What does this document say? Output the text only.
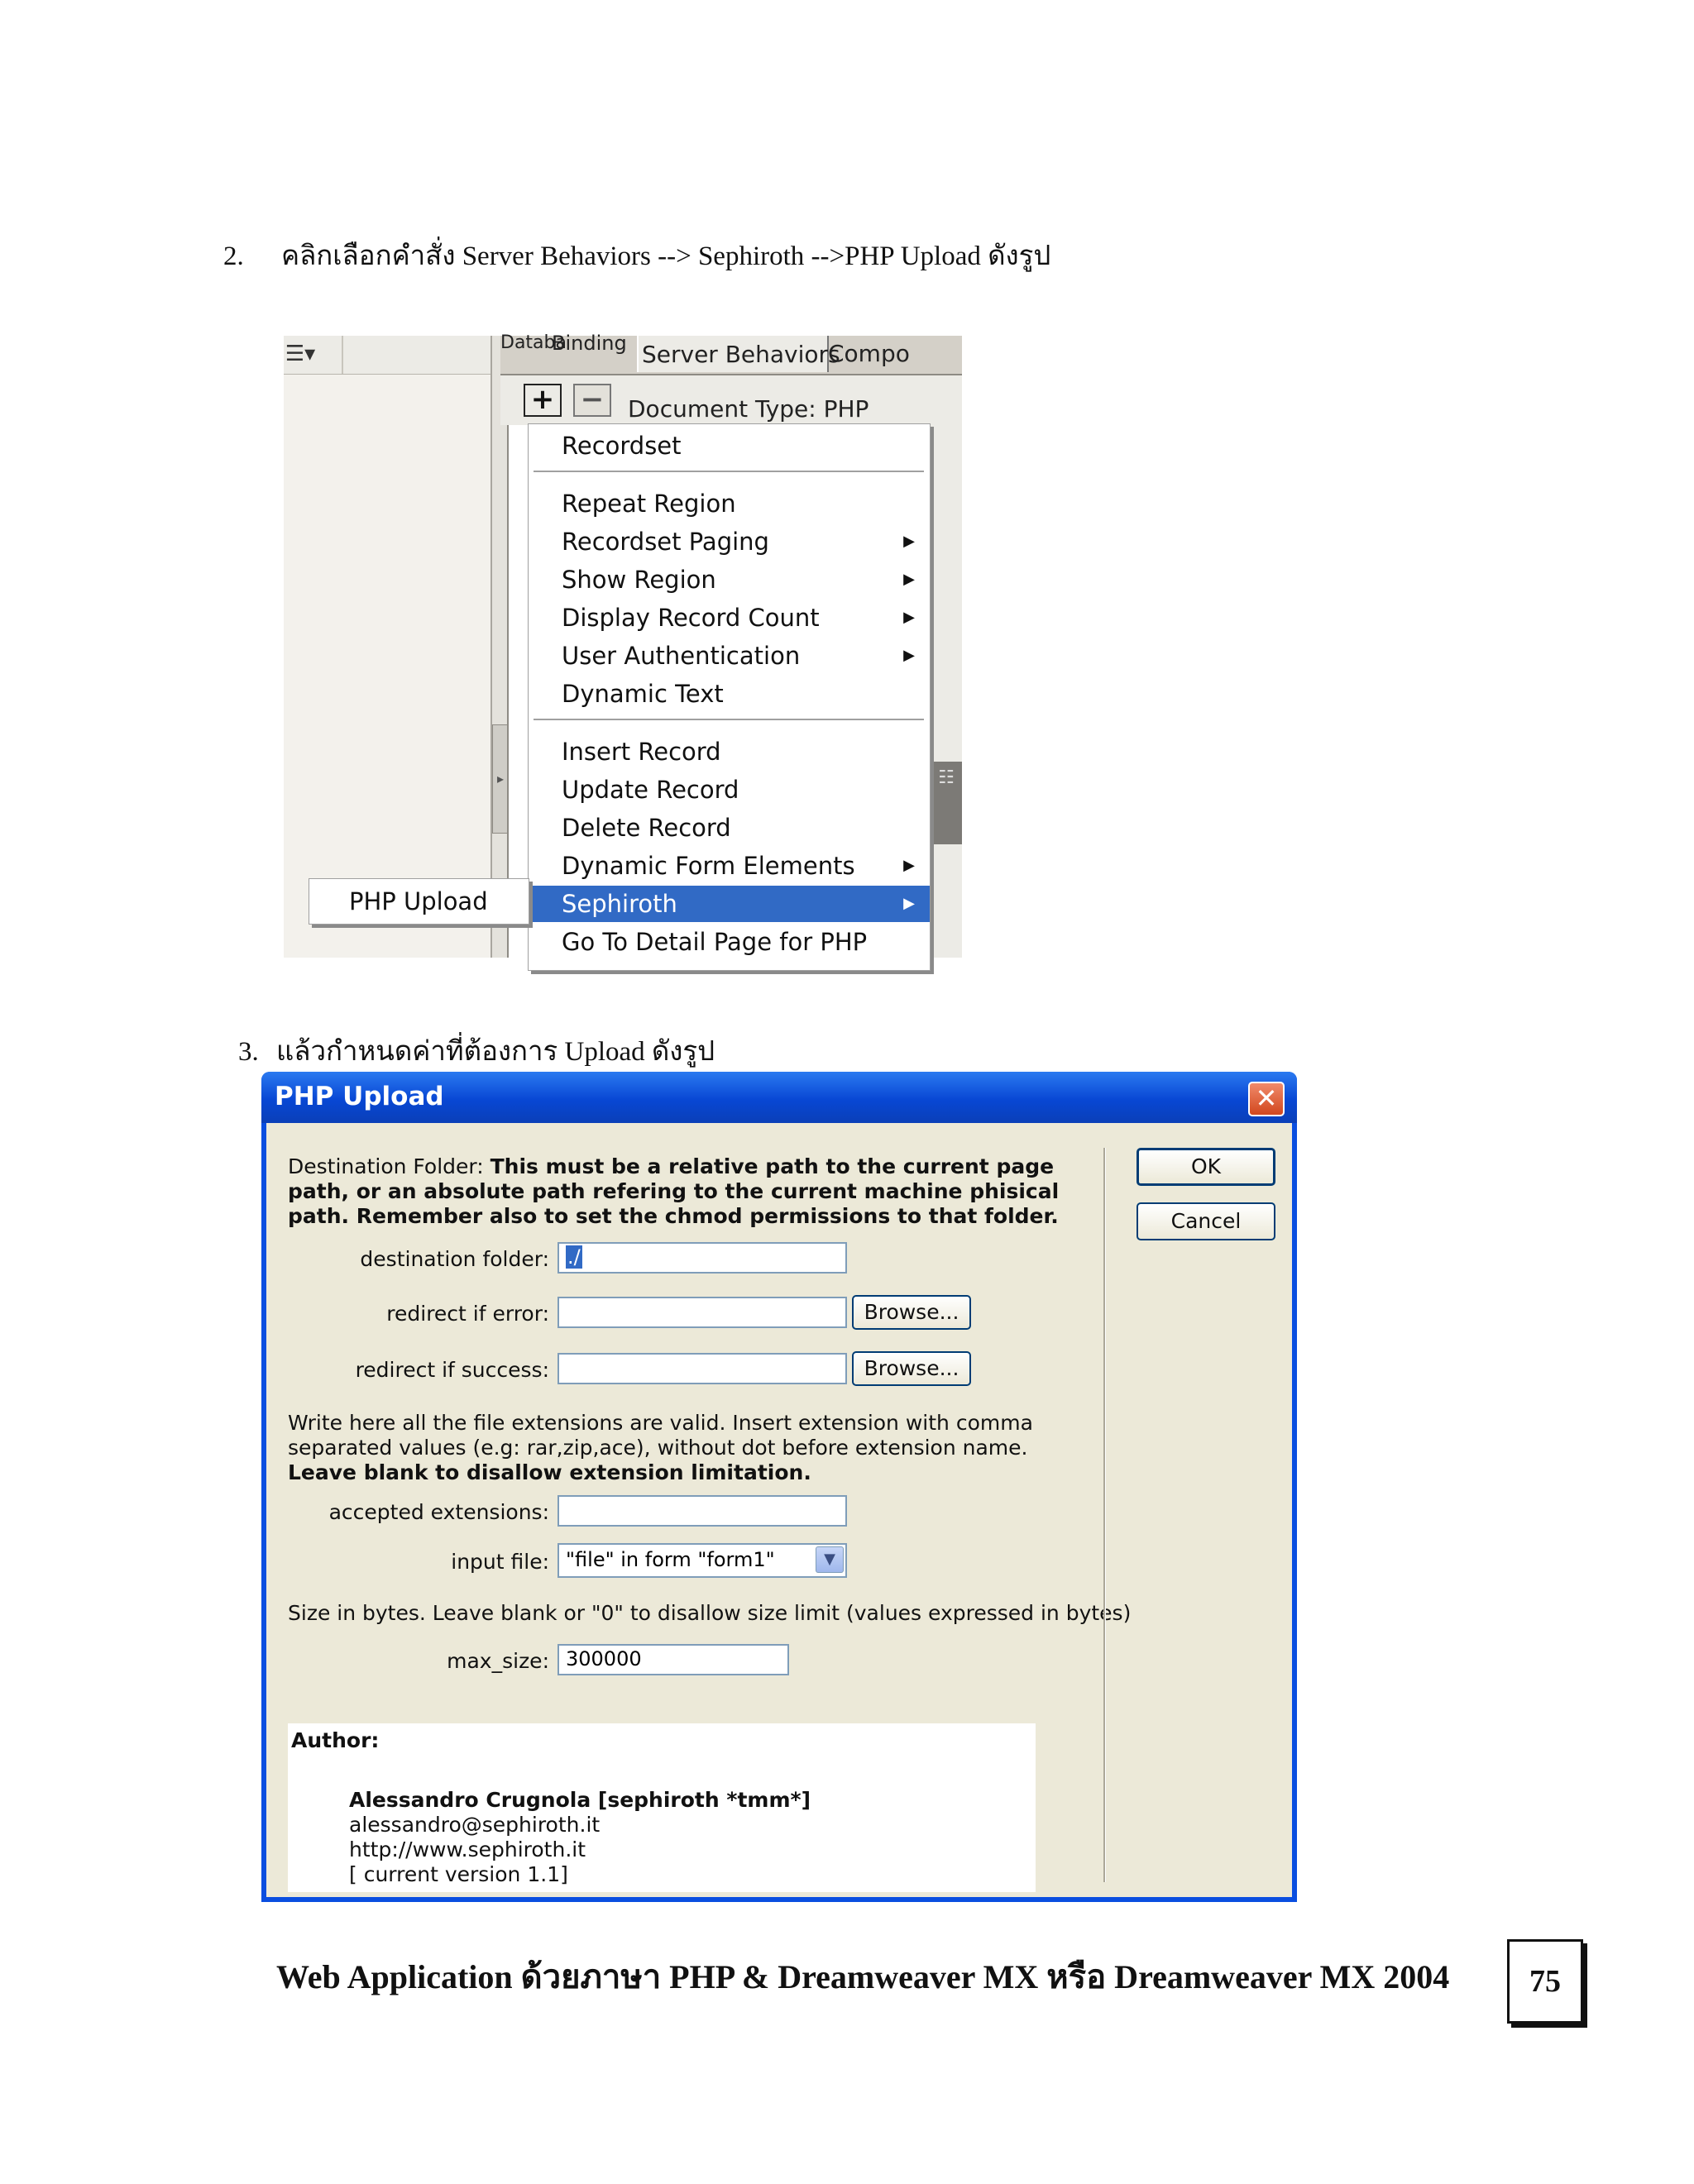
2. คลิกเลือกคำสั่ง Server Behaviors --> Sephiroth -->PHP Upload ดังรูป
☰▾
▸
Databa
Binding Server Behaviors
Compo
+ −	Document Type: PHP
☷
Recordset
Repeat Region
Recordset Paging	▶
Show Region	▶
Display Record Count	▶
User Authentication	▶
Dynamic Text
Insert Record
Update Record
Delete Record
Dynamic Form Elements	▶
Sephiroth	▶
Go To Detail Page for PHP
PHP Upload
3. แล้วกำหนดค่าที่ต้องการ Upload ดังรูป
PHP Upload	✕
Destination Folder: This must be a relative path to the current page
path, or an absolute path refering to the current machine phisical
path. Remember also to set the chmod permissions to that folder.
destination folder: ./
redirect if error:	Browse...
redirect if success:	Browse...
Write here all the file extensions are valid. Insert extension with comma
separated values (e.g: rar,zip,ace), without dot before extension name.
Leave blank to disallow extension limitation.
accepted extensions:
input file: "file" in form "form1"	▼
Size in bytes. Leave blank or "0" to disallow size limit (values expressed in bytes)
max_size: 300000
Author:
Alessandro Crugnola [sephiroth *tmm*]
alessandro@sephiroth.it
http://www.sephiroth.it
[ current version 1.1]
OK
Cancel
Web Application ด้วยภาษา PHP & Dreamweaver MX หรือ Dreamweaver MX 2004	75
